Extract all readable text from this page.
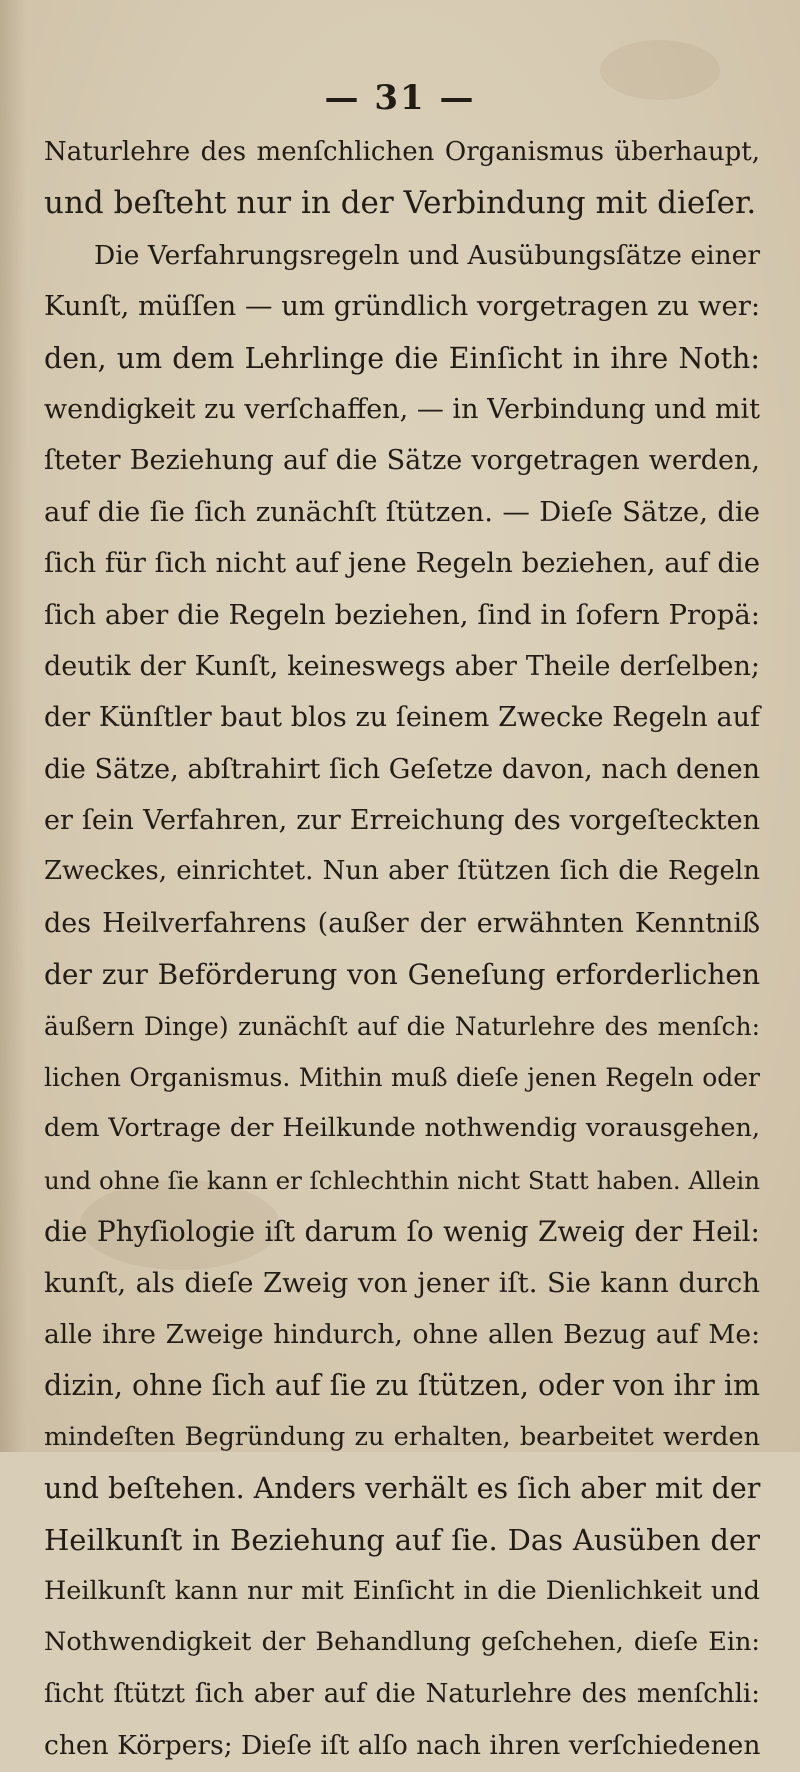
— 31 —
Naturlehre des menſchlichen Organismus überhaupt,
und beſteht nur in der Verbindung mit dieſer.
Die Verfahrungsregeln und Ausübungsſätze einer
Kunſt, müſſen — um gründlich vorgetragen zu wer:
den, um dem Lehrlinge die Einſicht in ihre Noth:
wendigkeit zu verſchaffen, — in Verbindung und mit
ſteter Beziehung auf die Sätze vorgetragen werden,
auf die ſie ſich zunächſt ſtützen. — Dieſe Sätze, die
ſich für ſich nicht auf jene Regeln beziehen, auf die
ſich aber die Regeln beziehen, ſind in ſofern Propä:
deutik der Kunſt, keineswegs aber Theile derſelben;
der Künſtler baut blos zu ſeinem Zwecke Regeln auf
die Sätze, abſtrahirt ſich Geſetze davon, nach denen
er ſein Verfahren, zur Erreichung des vorgeſteckten
Zweckes, einrichtet. Nun aber ſtützen ſich die Regeln
des Heilverfahrens (außer der erwähnten Kenntniß
der zur Beförderung von Geneſung erforderlichen
äußern Dinge) zunächſt auf die Naturlehre des menſch:
lichen Organismus. Mithin muß dieſe jenen Regeln oder
dem Vortrage der Heilkunde nothwendig vorausgehen,
und ohne ſie kann er ſchlechthin nicht Statt haben. Allein
die Phyſiologie iſt darum ſo wenig Zweig der Heil:
kunſt, als dieſe Zweig von jener iſt. Sie kann durch
alle ihre Zweige hindurch, ohne allen Bezug auf Me:
dizin, ohne ſich auf ſie zu ſtützen, oder von ihr im
mindeſten Begründung zu erhalten, bearbeitet werden
und beſtehen. Anders verhält es ſich aber mit der
Heilkunſt in Beziehung auf ſie. Das Ausüben der
Heilkunſt kann nur mit Einſicht in die Dienlichkeit und
Nothwendigkeit der Behandlung geſchehen, dieſe Ein:
ſicht ſtützt ſich aber auf die Naturlehre des menſchli:
chen Körpers; Dieſe iſt alſo nach ihren verſchiedenen
